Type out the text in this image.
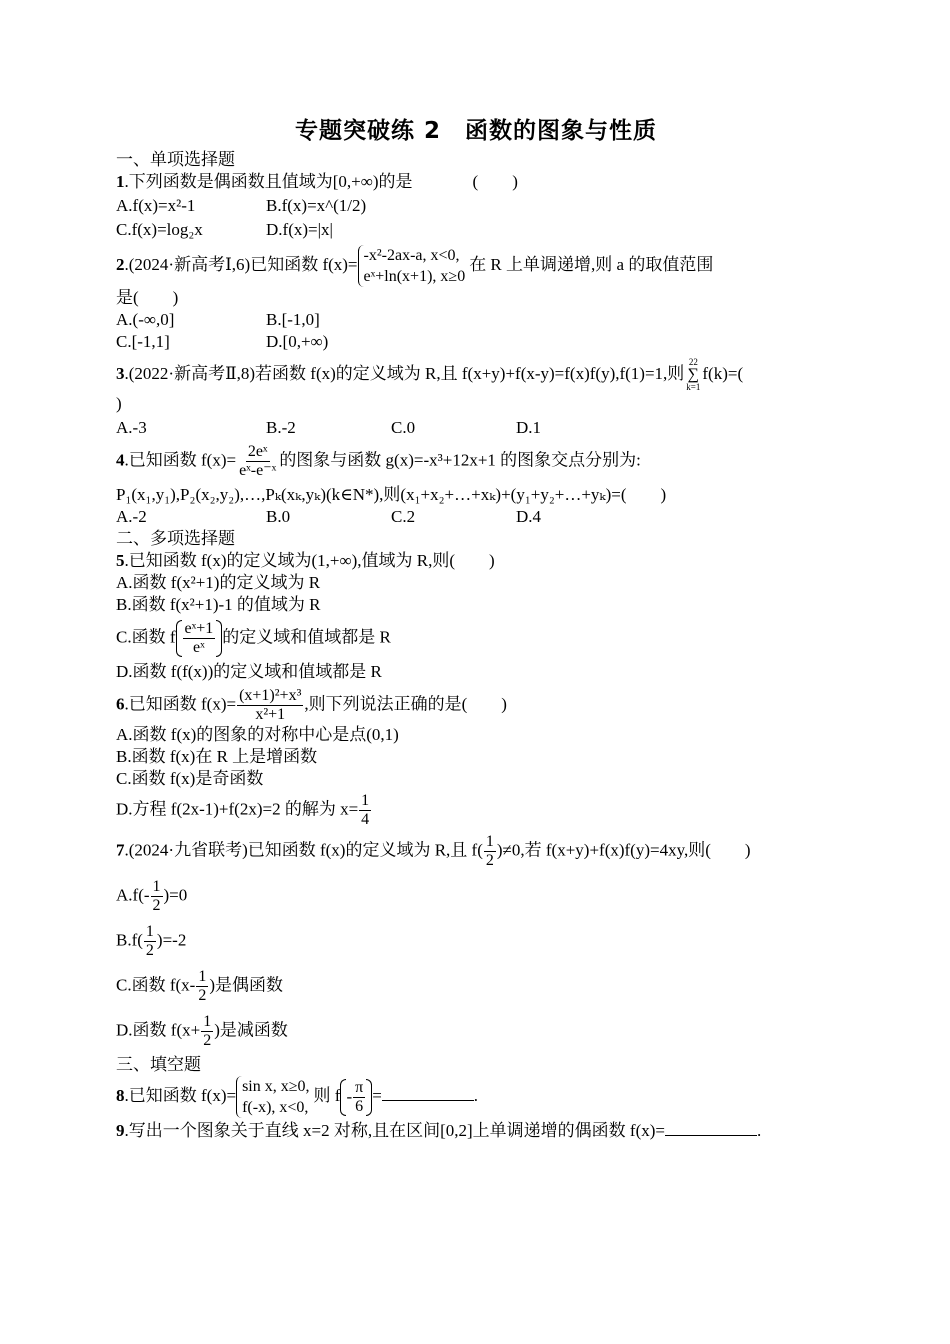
专题突破练 2　函数的图象与性质
一、单项选择题
1.下列函数是偶函数且值域为[0,+∞)的是	(　　)
A.f(x)=x²-1	B.f(x)=x^(1/2)
C.f(x)=log₂x	D.f(x)=|x|
2.(2024·新高考Ⅰ,6)已知函数 f(x)= -x²-2ax-a, x<0,
eˣ+ln(x+1), x≥0
在 R 上单调递增,则 a 的取值范围
是(　　)
A.(-∞,0]	B.[-1,0]
C.[-1,1]	D.[0,+∞)
3.(2022·新高考Ⅱ,8)若函数 f(x)的定义域为 R,且 f(x+y)+f(x-y)=f(x)f(y),f(1)=1,则
22
∑
k=1
f(k)=(
)
A.-3	B.-2	C.0	D.1
4.已知函数 $f(x)= \frac{\text{2eˣ}}{\text{eˣ-e⁻ˣ}}$ 的图象与函数 g(x)=-x³+12x+1 的图象交点分别为:
P₁(x₁,y₁),P₂(x₂,y₂),…,Pₖ(xₖ,yₖ)(k∈N*),则(x₁+x₂+…+xₖ)+(y₁+y₂+…+yₖ)=(　　)
A.-2	B.0	C.2	D.4
二、多项选择题
5.已知函数 f(x)的定义域为(1,+∞),值域为 R,则(　　)
A.函数 f(x²+1)的定义域为 R
B.函数 f(x²+1)-1 的值域为 R
C.函数 f $\frac{\text{eˣ+1}}{\text{eˣ}}$ 的定义域和值域都是 R
D.函数 f(f(x))的定义域和值域都是 R
6.已知函数 $f(x)= \frac{\text{(x+1)²+x³}}{\text{x²+1}}$ ,则下列说法正确的是(　　)
A.函数 f(x)的图象的对称中心是点(0,1)
B.函数 f(x)在 R 上是增函数
C.函数 f(x)是奇函数
D.方程 f(2x-1)+f(2x)=2 的解为 $x= \frac{1}{4}$
7.(2024·九省联考)已知函数 f(x)的定义域为 R,且 $f( \frac{1}{2} )\ne 0$,若 f(x+y)+f(x)f(y)=4xy,则(　　)
$A.f(- \frac{1}{2} )=0$
$B.f( \frac{1}{2} )=-2$
C.函数 $f(x- \frac{1}{2}$ )是偶函数
D.函数 $f(x+ \frac{1}{2}$ )是减函数
三、填空题
8.已知函数 f(x)= sin x, x≥0,
f(-x), x<0,
则 f - $\frac{\pi}{6}$ =	.
9.写出一个图象关于直线 x=2 对称,且在区间[0,2]上单调递增的偶函数 f(x)=	.
